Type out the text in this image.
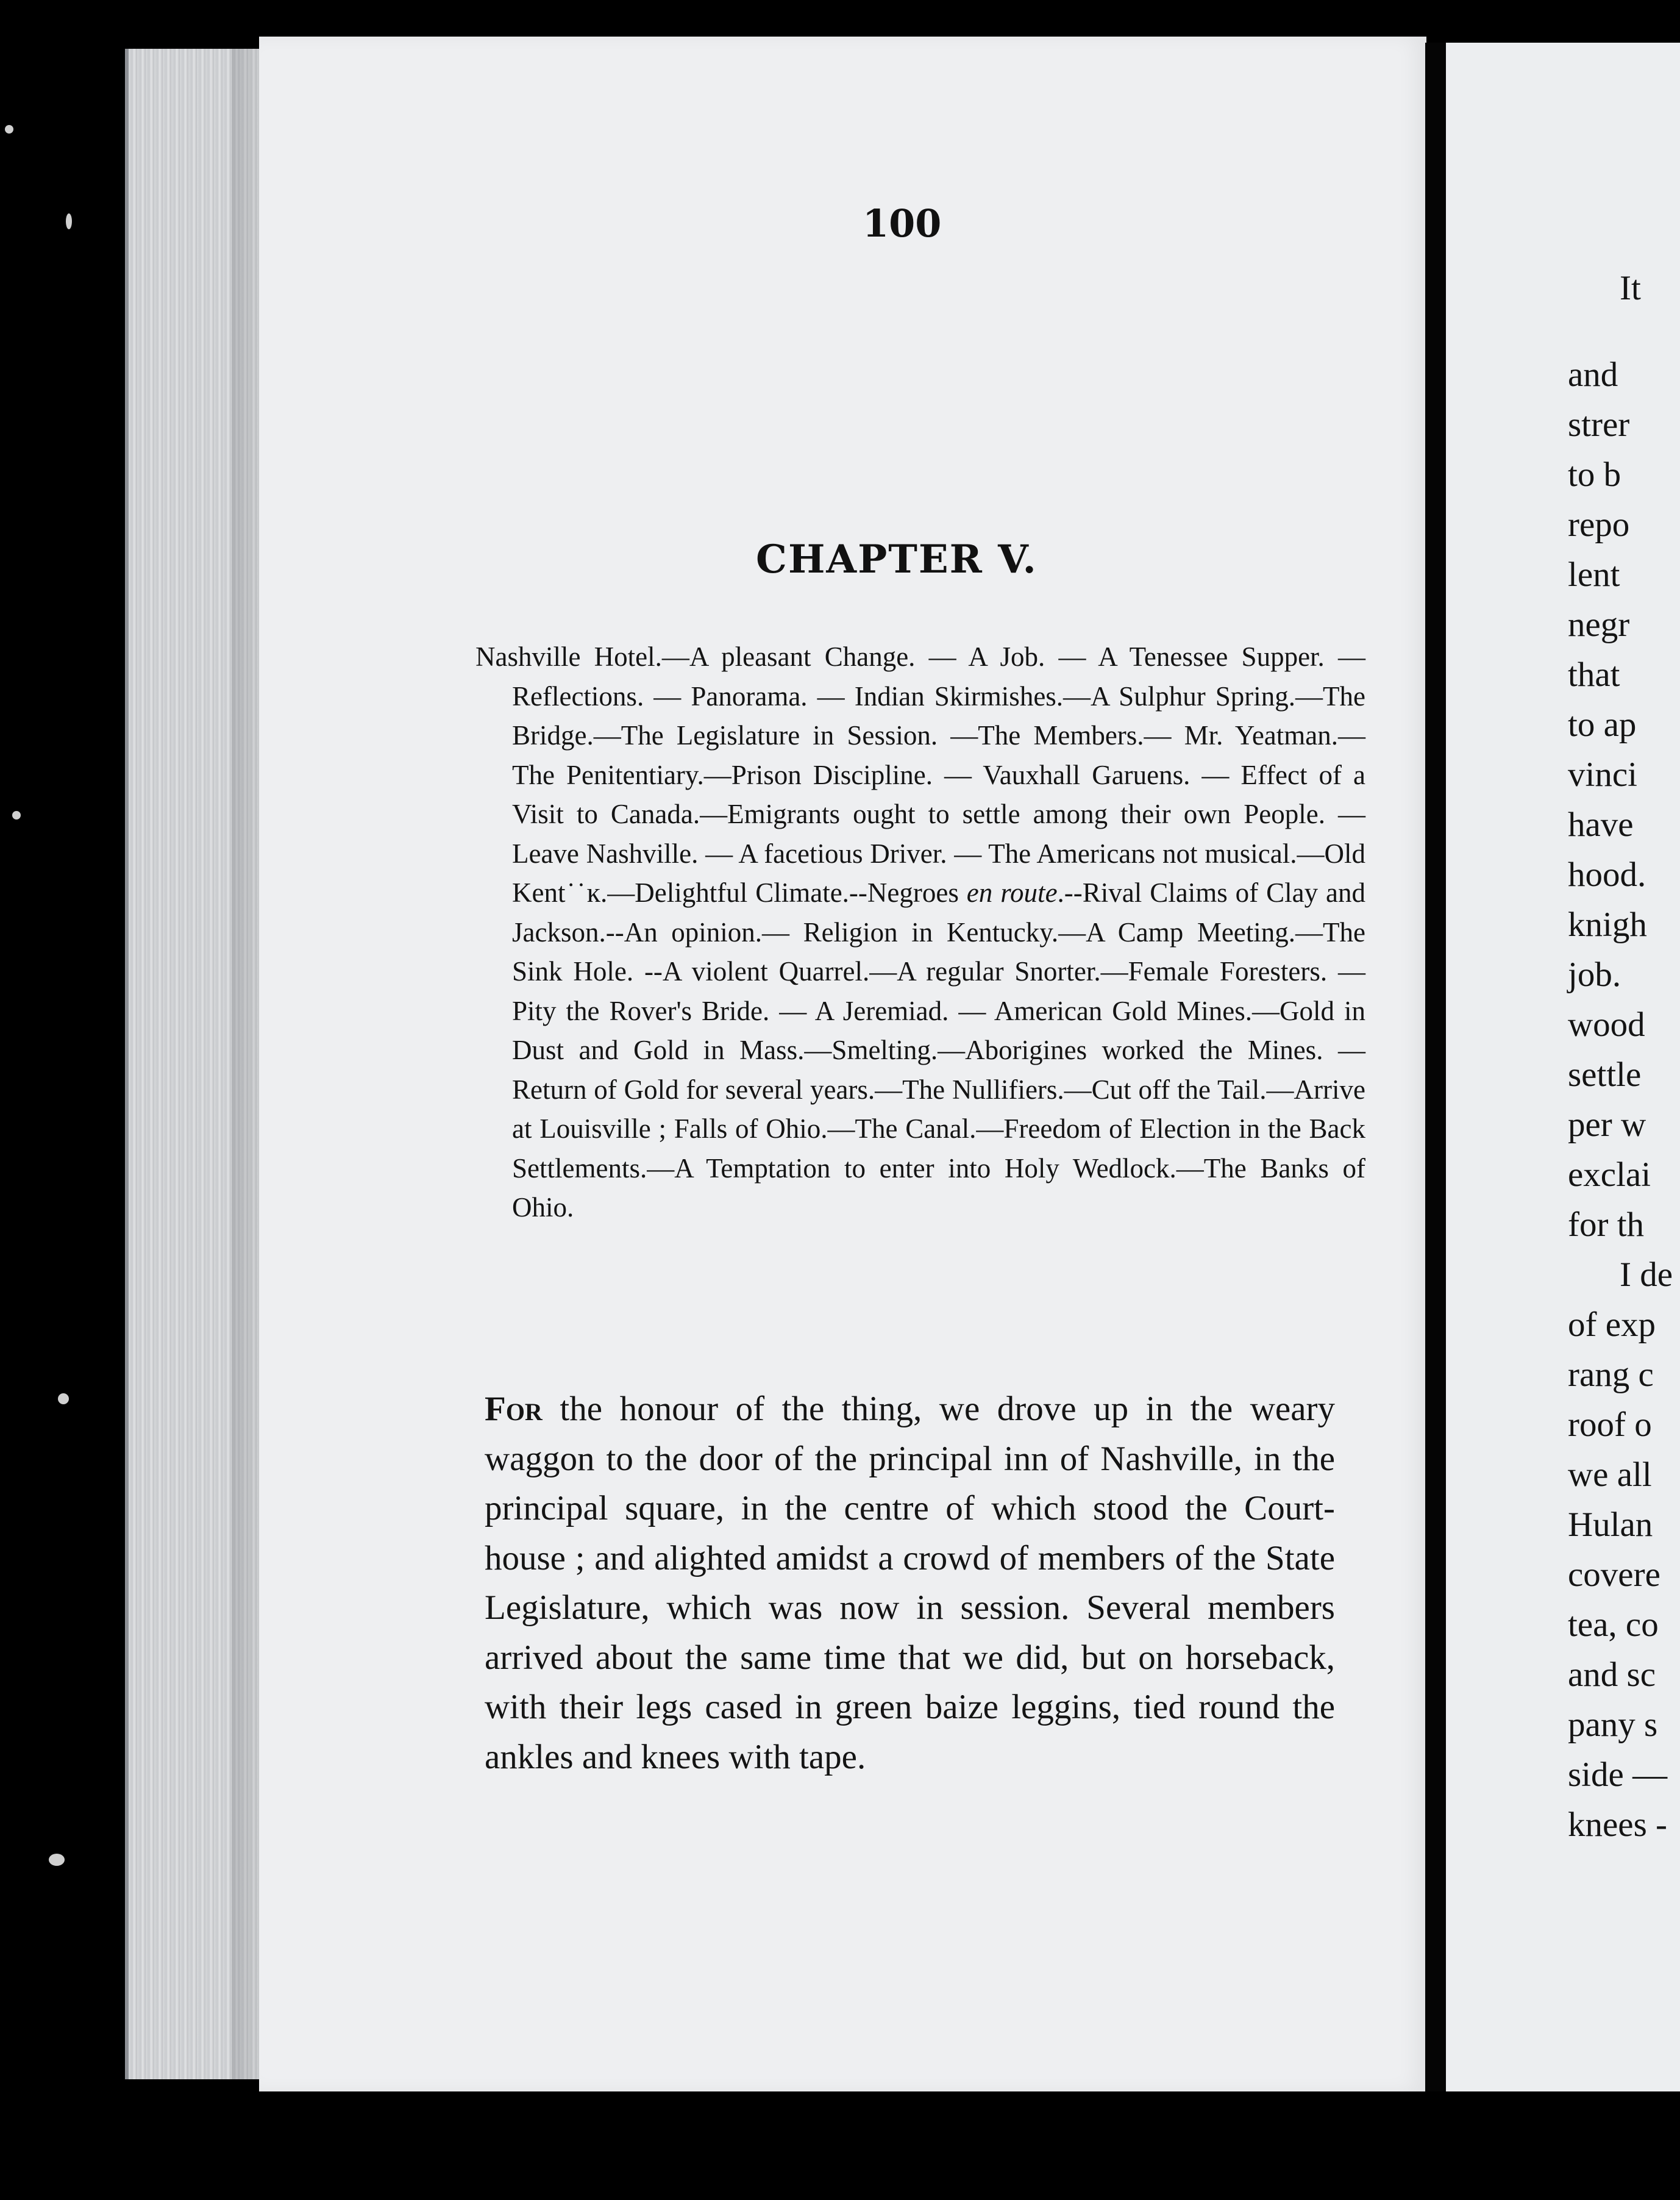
100
CHAPTER V.
Nashville Hotel.—A pleasant Change. — A Job. — A Tenessee Supper. — Reflections. — Panorama. — Indian Skirmishes.—A Sulphur Spring.—The Bridge.—The Legislature in Session. —The Members.— Mr. Yeatman.—The Penitentiary.—Prison Discipline. — Vauxhall Garuens. — Effect of a Visit to Canada.—Emigrants ought to settle among their own People. —Leave Nashville. — A facetious Driver. — The Americans not musical.—Old Kent˙˙ĸ.—Delightful Climate.--Negroes en route.--Rival Claims of Clay and Jackson.--An opinion.— Religion in Kentucky.—A Camp Meeting.—The Sink Hole. --A violent Quarrel.—A regular Snorter.—Female Foresters. —Pity the Rover's Bride. — A Jeremiad. — American Gold Mines.—Gold in Dust and Gold in Mass.—Smelting.—Aborigines worked the Mines. — Return of Gold for several years.—The Nullifiers.—Cut off the Tail.—Arrive at Louisville ; Falls of Ohio.—The Canal.—Freedom of Election in the Back Settlements.—A Temptation to enter into Holy Wedlock.—The Banks of Ohio.
For the honour of the thing, we drove up in the weary waggon to the door of the principal inn of Nashville, in the principal square, in the centre of which stood the Court-house ; and alighted amidst a crowd of members of the State Legislature, which was now in session. Several members arrived about the same time that we did, but on horseback, with their legs cased in green baize leggins, tied round the ankles and knees with tape.
It
and
strer
to b
repo
lent
negr
that
to ap
vinci
have
hood.
knigh
job.
wood
settle
per w
exclai
for th
I de
of exp
rang c
roof o
we all
Hulan
covere
tea, co
and sc
pany s
side —
knees -
